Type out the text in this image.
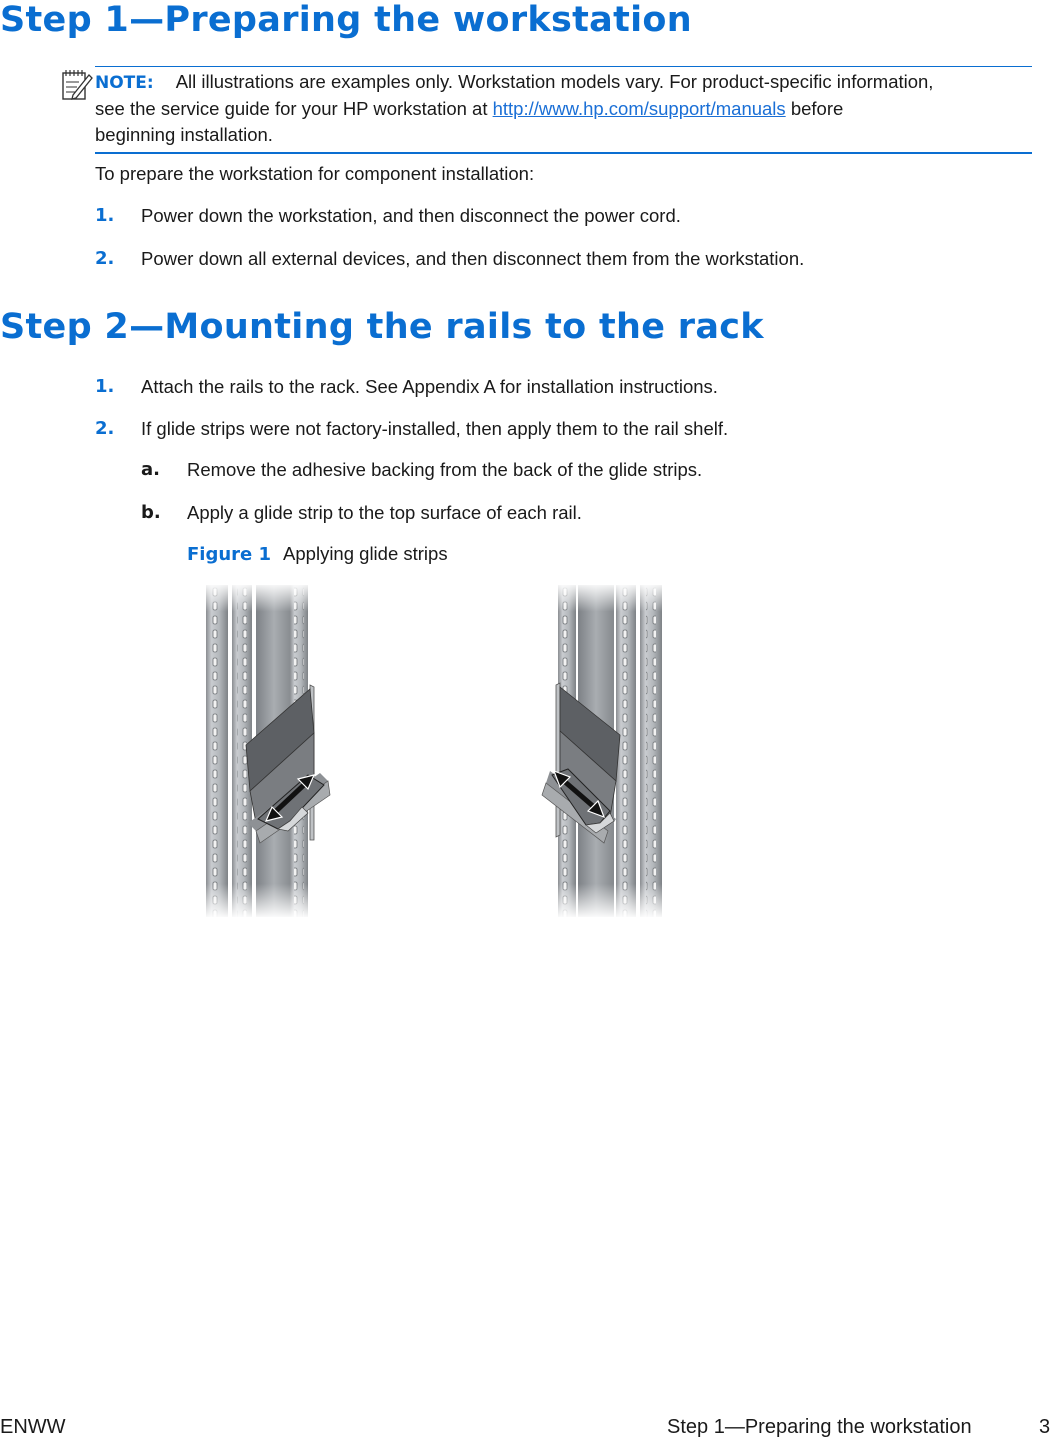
Step 1—Preparing the workstation
NOTE: All illustrations are examples only. Workstation models vary. For product-specific information,
see the service guide for your HP workstation at http://www.hp.com/support/manuals before
beginning installation.
To prepare the workstation for component installation:
1. Power down the workstation, and then disconnect the power cord.
2. Power down all external devices, and then disconnect them from the workstation.
Step 2—Mounting the rails to the rack
1. Attach the rails to the rack. See Appendix A for installation instructions.
2. If glide strips were not factory-installed, then apply them to the rail shelf.
a. Remove the adhesive backing from the back of the glide strips.
b. Apply a glide strip to the top surface of each rail.
Figure 1 Applying glide strips
ENWW	Step 1—Preparing the workstation	3
